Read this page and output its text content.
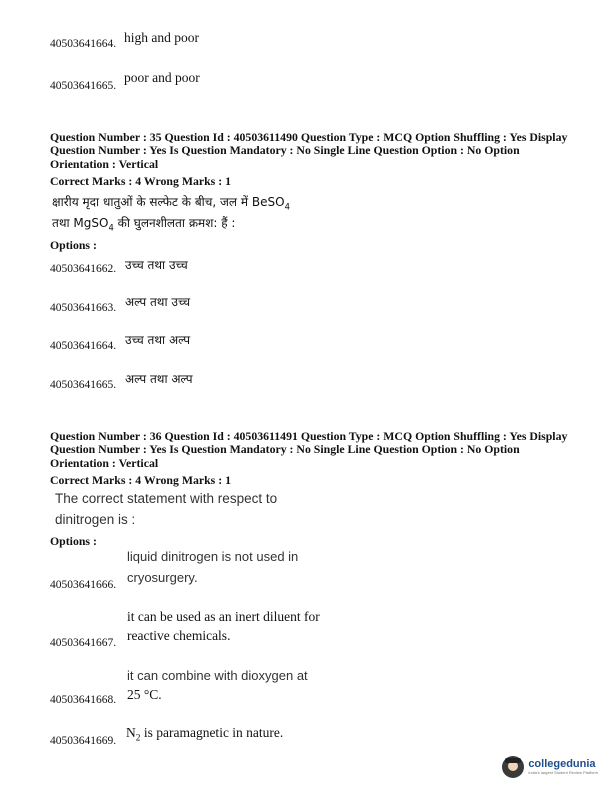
40503641664. high and poor
40503641665.
poor and poor
Question Number : 35 Question Id : 40503611490 Question Type : MCQ Option Shuffling : Yes Display Question Number : Yes Is Question Mandatory : No Single Line Question Option : No Option Orientation : Vertical
Correct Marks : 4 Wrong Marks : 1
क्षारीय मृदा धातुओं के सल्फेट के बीच, जल में BeSO$_4$
तथा MgSO$_4$ की घुलनशीलता क्रमश: हैं :
Options :
40503641662. उच्च तथा उच्च
40503641663. अल्प तथा उच्च
40503641664. उच्च तथा अल्प
40503641665. अल्प तथा अल्प
Question Number : 36 Question Id : 40503611491 Question Type : MCQ Option Shuffling : Yes Display Question Number : Yes Is Question Mandatory : No Single Line Question Option : No Option Orientation : Vertical
Correct Marks : 4 Wrong Marks : 1
The correct statement with respect to
dinitrogen is :
Options :
liquid dinitrogen is not used in
cryosurgery.
40503641666.
it can be used as an inert diluent for
reactive chemicals.
40503641667.
it can combine with dioxygen at
25 °C.
40503641668.
$N_2$ is paramagnetic in nature.
40503641669.
collegedunia
India's largest Student Review Platform
